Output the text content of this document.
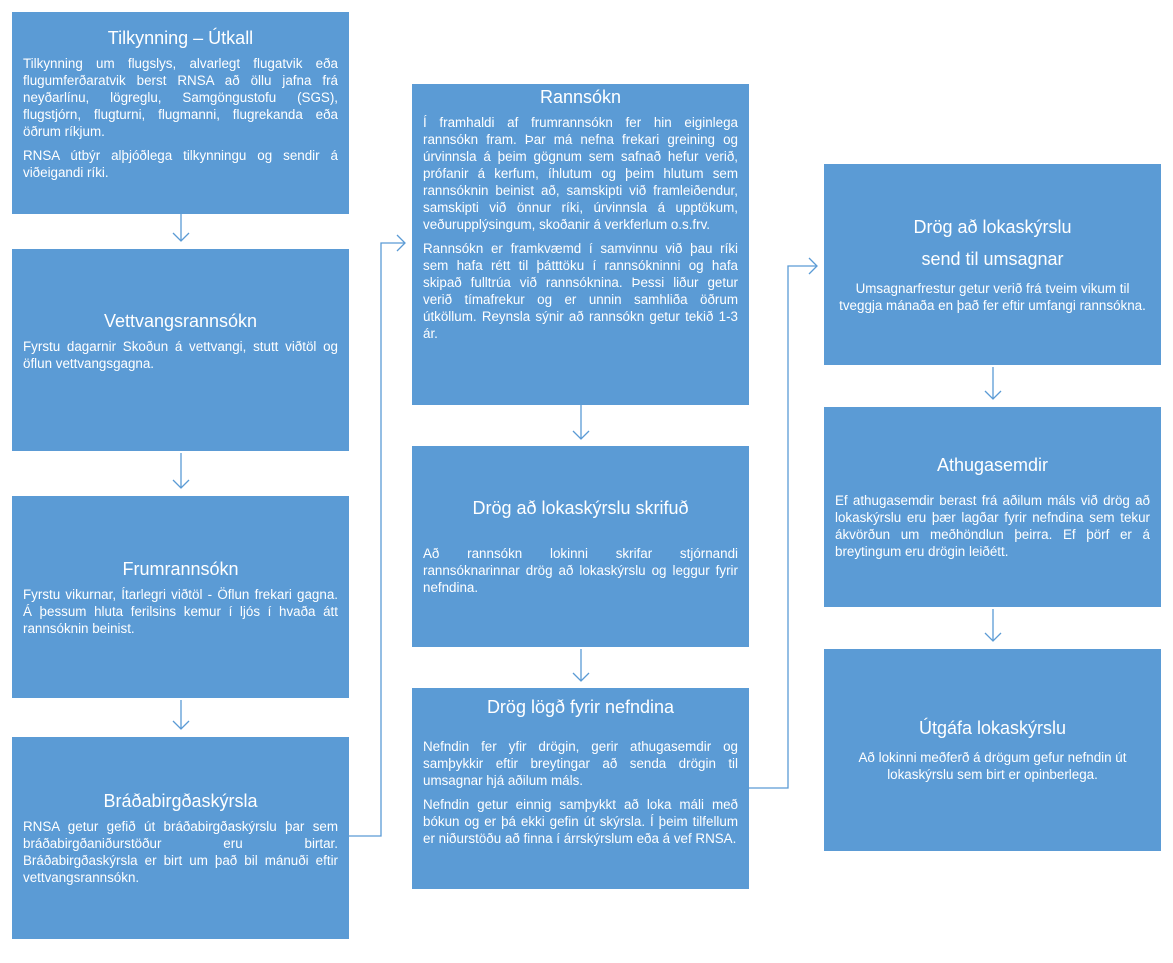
Tilkynning – Útkall
Tilkynning um flugslys, alvarlegt flugatvik eða flugumferðaratvik berst RNSA að öllu jafna frá neyðarlínu, lögreglu, Samgöngustofu (SGS), flugstjórn, flugturni, flugmanni, flugrekanda eða öðrum ríkjum.
RNSA útbýr alþjóðlega tilkynningu og sendir á viðeigandi ríki.
Vettvangsrannsókn
Fyrstu dagarnir Skoðun á vettvangi, stutt viðtöl og öflun vettvangsgagna.
Frumrannsókn
Fyrstu vikurnar, Ítarlegri viðtöl - Öflun frekari gagna. Á þessum hluta ferilsins kemur í ljós í hvaða átt rannsóknin beinist.
Bráðabirgðaskýrsla
RNSA getur gefið út bráðabirgðaskýrslu þar sem bráðabirgðaniðurstöður eru birtar. Bráðabirgðaskýrsla er birt um það bil mánuði eftir vettvangsrannsókn.
Rannsókn
Í framhaldi af frumrannsókn fer hin eiginlega rannsókn fram. Þar má nefna frekari greining og úrvinnsla á þeim gögnum sem safnað hefur verið, prófanir á kerfum, íhlutum og þeim hlutum sem rannsóknin beinist að, samskipti við framleiðendur, samskipti við önnur ríki, úrvinnsla á upptökum, veðurupplýsingum, skoðanir á verkferlum o.s.frv.
Rannsókn er framkvæmd í samvinnu við þau ríki sem hafa rétt til þátttöku í rannsókninni og hafa skipað fulltrúa við rannsóknina. Þessi liður getur verið tímafrekur og er unnin samhliða öðrum útköllum. Reynsla sýnir að rannsókn getur tekið 1-3 ár.
Drög að lokaskýrslu skrifuð
Að rannsókn lokinni skrifar stjórnandi rannsóknarinnar drög að lokaskýrslu og leggur fyrir nefndina.
Drög lögð fyrir nefndina
Nefndin fer yfir drögin, gerir athugasemdir og samþykkir eftir breytingar að senda drögin til umsagnar hjá aðilum máls.
Nefndin getur einnig samþykkt að loka máli með bókun og er þá ekki gefin út skýrsla. Í þeim tilfellum er niðurstöðu að finna í árrskýrslum eða á vef RNSA.
Drög að lokaskýrslu
send til umsagnar
Umsagnarfrestur getur verið frá tveim vikum til tveggja mánaða en það fer eftir umfangi rannsókna.
Athugasemdir
Ef athugasemdir berast frá aðilum máls við drög að lokaskýrslu eru þær lagðar fyrir nefndina sem tekur ákvörðun um meðhöndlun þeirra. Ef þörf er á breytingum eru drögin leiðétt.
Útgáfa lokaskýrslu
Að lokinni meðferð á drögum gefur nefndin út lokaskýrslu sem birt er opinberlega.
